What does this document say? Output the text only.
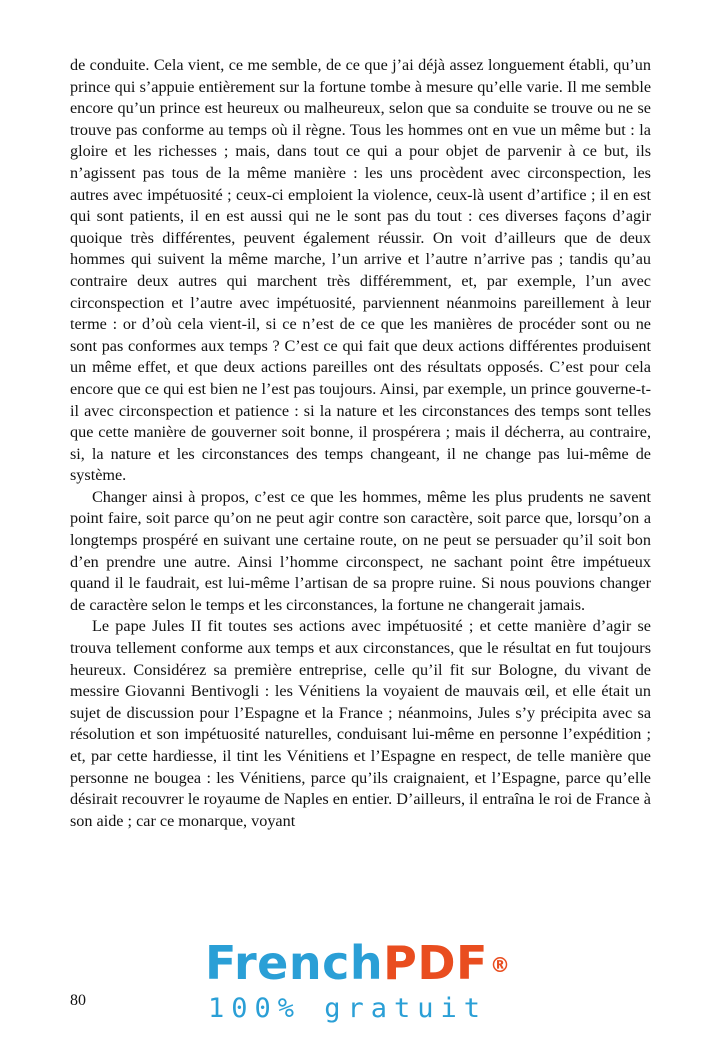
de conduite. Cela vient, ce me semble, de ce que j’ai déjà assez longuement établi, qu’un prince qui s’appuie entièrement sur la fortune tombe à mesure qu’elle varie. Il me semble encore qu’un prince est heureux ou malheureux, selon que sa conduite se trouve ou ne se trouve pas conforme au temps où il règne. Tous les hommes ont en vue un même but : la gloire et les richesses ; mais, dans tout ce qui a pour objet de parvenir à ce but, ils n’agissent pas tous de la même manière : les uns procèdent avec circonspection, les autres avec impétuosité ; ceux-ci emploient la violence, ceux-là usent d’artifice ; il en est qui sont patients, il en est aussi qui ne le sont pas du tout : ces diverses façons d’agir quoique très différentes, peuvent également réussir. On voit d’ailleurs que de deux hommes qui suivent la même marche, l’un arrive et l’autre n’arrive pas ; tandis qu’au contraire deux autres qui marchent très différemment, et, par exemple, l’un avec circonspection et l’autre avec impétuosité, parviennent néanmoins pareillement à leur terme : or d’où cela vient-il, si ce n’est de ce que les manières de procéder sont ou ne sont pas conformes aux temps ? C’est ce qui fait que deux actions différentes produisent un même effet, et que deux actions pareilles ont des résultats opposés. C’est pour cela encore que ce qui est bien ne l’est pas toujours. Ainsi, par exemple, un prince gouverne-t-il avec circonspection et patience : si la nature et les circonstances des temps sont telles que cette manière de gouverner soit bonne, il prospérera ; mais il décherra, au contraire, si, la nature et les circonstances des temps changeant, il ne change pas lui-même de système.

Changer ainsi à propos, c’est ce que les hommes, même les plus prudents ne savent point faire, soit parce qu’on ne peut agir contre son caractère, soit parce que, lorsqu’on a longtemps prospéré en suivant une certaine route, on ne peut se persuader qu’il soit bon d’en prendre une autre. Ainsi l’homme circonspect, ne sachant point être impétueux quand il le faudrait, est lui-même l’artisan de sa propre ruine. Si nous pouvions changer de caractère selon le temps et les circonstances, la fortune ne changerait jamais.

Le pape Jules II fit toutes ses actions avec impétuosité ; et cette manière d’agir se trouva tellement conforme aux temps et aux circonstances, que le résultat en fut toujours heureux. Considérez sa première entreprise, celle qu’il fit sur Bologne, du vivant de messire Giovanni Bentivogli : les Vénitiens la voyaient de mauvais œil, et elle était un sujet de discussion pour l’Espagne et la France ; néanmoins, Jules s’y précipita avec sa résolution et son impétuosité naturelles, conduisant lui-même en personne l’expédition ; et, par cette hardiesse, il tint les Vénitiens et l’Espagne en respect, de telle manière que personne ne bougea : les Vénitiens, parce qu’ils craignaient, et l’Espagne, parce qu’elle désirait recouvrer le royaume de Naples en entier. D’ailleurs, il entraîna le roi de France à son aide ; car ce monarque, voyant

80
FrenchPDF ®
100% gratuit
